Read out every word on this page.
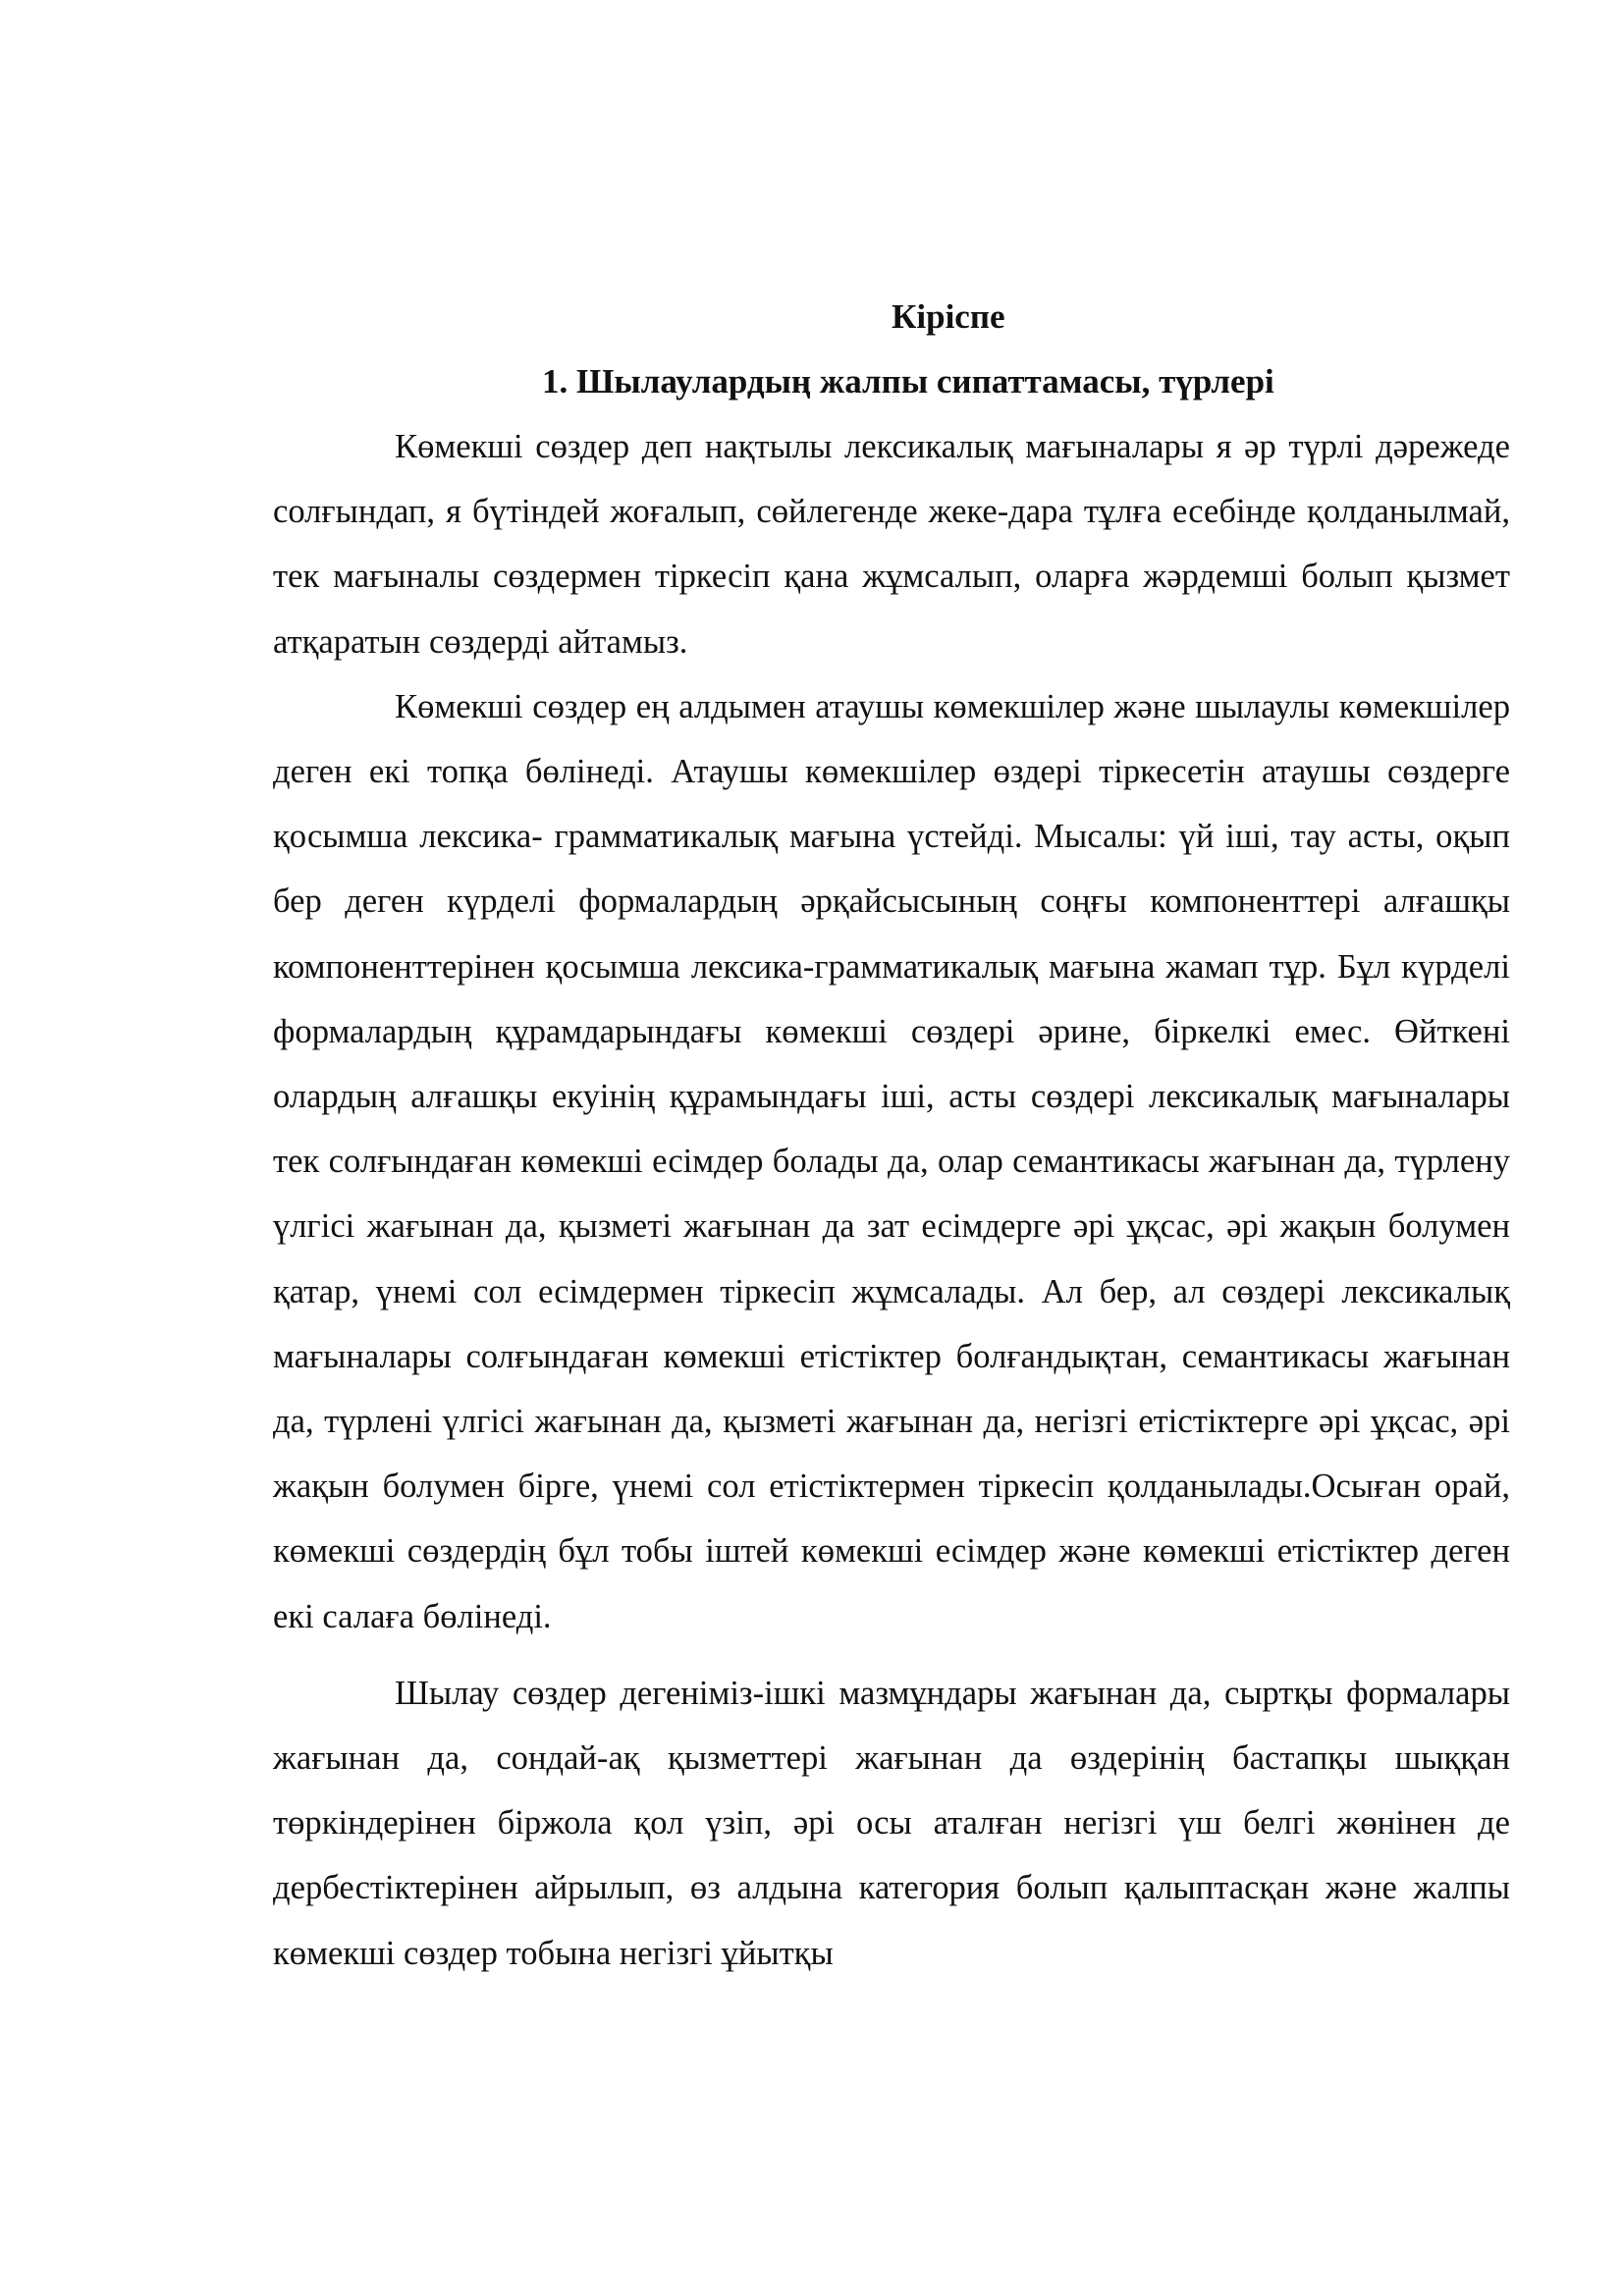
Кіріспе
1. Шылаулардың жалпы сипаттамасы, түрлері

Көмекші сөздер деп нақтылы лексикалық мағыналары я әр түрлі дәрежеде солғындап, я бүтіндей жоғалып, сөйлегенде жеке-дара тұлға есебінде қолданылмай, тек мағыналы сөздермен тіркесіп қана жұмсалып, оларға жәрдемші болып қызмет атқаратын сөздерді айтамыз.

Көмекші сөздер ең алдымен атаушы көмекшілер және шылаулы көмекшілер деген екі топқа бөлінеді. Атаушы көмекшілер өздері тіркесетін атаушы сөздерге қосымша лексика- грамматикалық мағына үстейді. Мысалы: үй іші, тау асты, оқып бер деген күрделі формалардың әрқайсысының соңғы компоненттері алғашқы компоненттерінен қосымша лексика-грамматикалық мағына жамап тұр. Бұл күрделі формалардың құрамдарындағы көмекші сөздері әрине, біркелкі емес. Өйткені олардың алғашқы екуінің құрамындағы іші, асты сөздері лексикалық мағыналары тек солғындаған көмекші есімдер болады да, олар семантикасы жағынан да, түрлену үлгісі жағынан да, қызметі жағынан да зат есімдерге әрі ұқсас, әрі жақын болумен қатар, үнемі сол есімдермен тіркесіп жұмсалады. Ал бер, ал сөздері лексикалық мағыналары солғындаған көмекші етістіктер болғандықтан, семантикасы жағынан да, түрлені үлгісі жағынан да, қызметі жағынан да, негізгі етістіктерге әрі ұқсас, әрі жақын болумен бірге, үнемі сол етістіктермен тіркесіп қолданылады.Осыған орай, көмекші сөздердің бұл тобы іштей көмекші есімдер және көмекші етістіктер деген екі салаға бөлінеді.

Шылау сөздер дегеніміз-ішкі мазмұндары жағынан да, сыртқы формалары жағынан да, сондай-ақ қызметтері жағынан да өздерінің бастапқы шыққан төркіндерінен біржола қол үзіп, әрі осы аталған негізгі үш белгі жөнінен де дербестіктерінен айрылып, өз алдына категория болып қалыптасқан және жалпы көмекші сөздер тобына негізгі ұйытқы
